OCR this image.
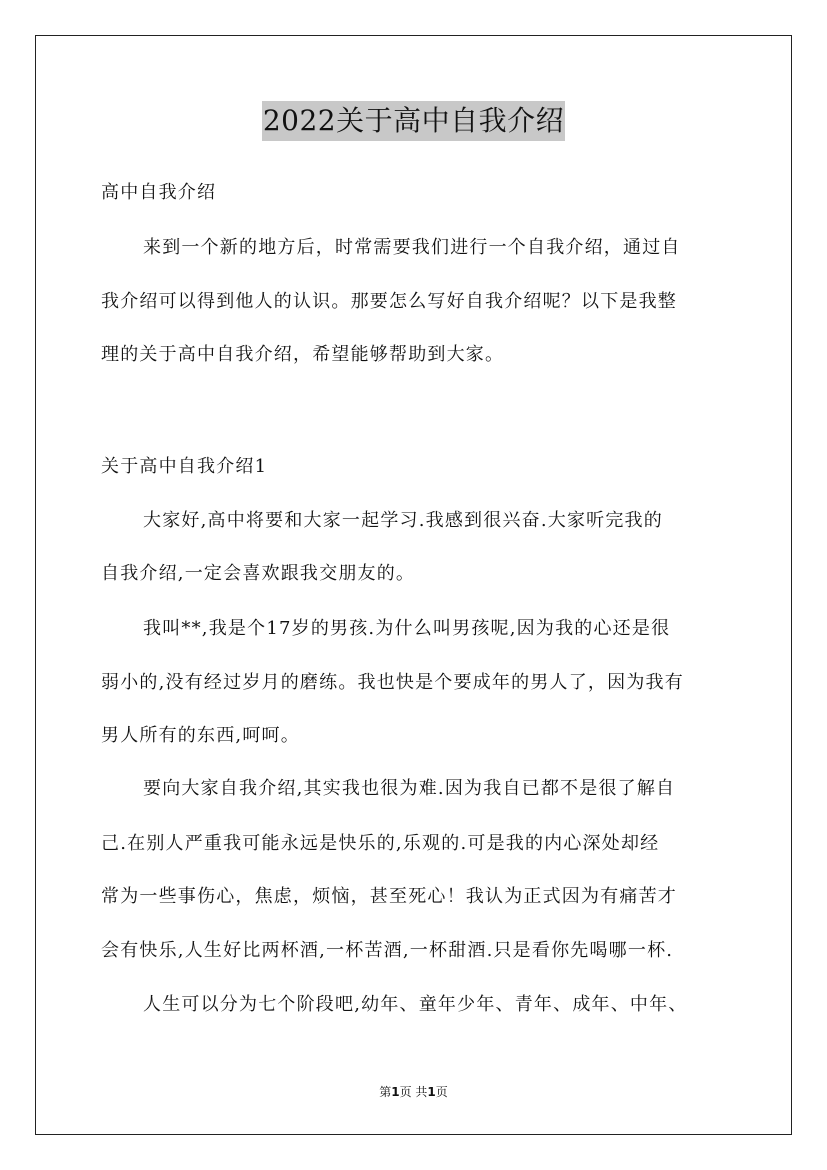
2022关于高中自我介绍
高中自我介绍
来到一个新的地方后，时常需要我们进行一个自我介绍，通过自
我介绍可以得到他人的认识。那要怎么写好自我介绍呢？以下是我整
理的关于高中自我介绍，希望能够帮助到大家。
关于高中自我介绍1
大家好,高中将要和大家一起学习.我感到很兴奋.大家听完我的
自我介绍,一定会喜欢跟我交朋友的。
我叫**,我是个17岁的男孩.为什么叫男孩呢,因为我的心还是很
弱小的,没有经过岁月的磨练。我也快是个要成年的男人了，因为我有
男人所有的东西,呵呵。
要向大家自我介绍,其实我也很为难.因为我自已都不是很了解自
己.在别人严重我可能永远是快乐的,乐观的.可是我的内心深处却经
常为一些事伤心，焦虑，烦恼，甚至死心！我认为正式因为有痛苦才
会有快乐,人生好比两杯酒,一杯苦酒,一杯甜酒.只是看你先喝哪一杯.
人生可以分为七个阶段吧,幼年、童年少年、青年、成年、中年、
第1页 共1页
